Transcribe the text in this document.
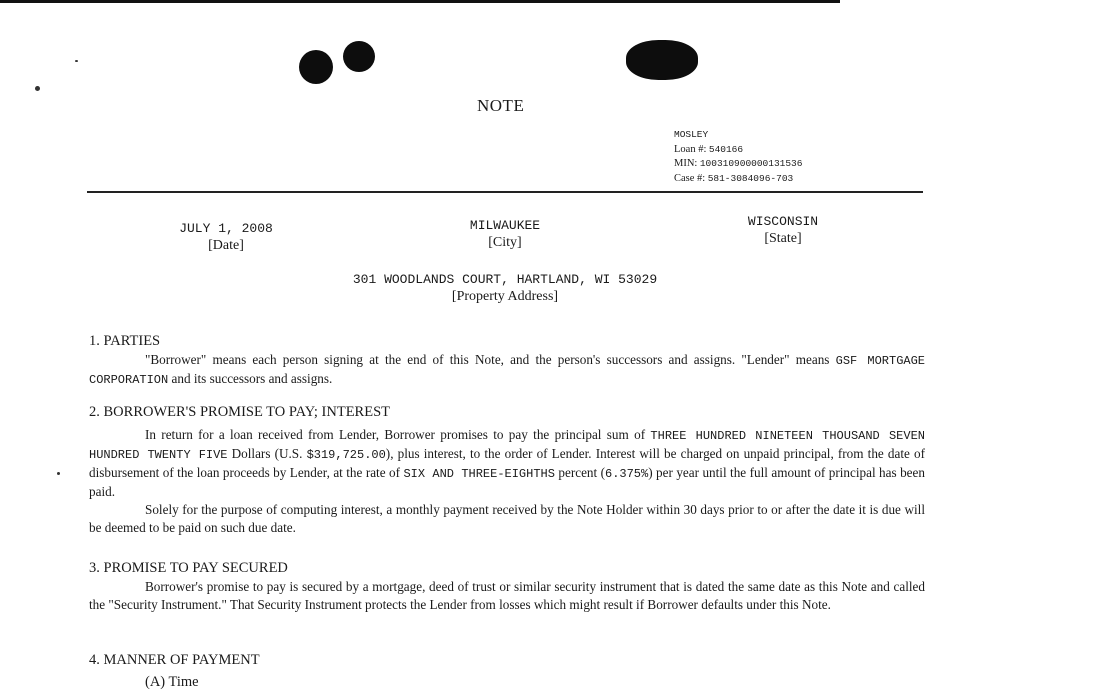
NOTE
MOSLEY
Loan #: 540166
MIN: 100310900000131536
Case #: 581-3084096-703
JULY 1, 2008
[Date]
MILWAUKEE
[City]
WISCONSIN
[State]
301 WOODLANDS COURT, HARTLAND, WI 53029
[Property Address]
1. PARTIES

"Borrower" means each person signing at the end of this Note, and the person's successors and assigns. "Lender" means GSF MORTGAGE CORPORATION and its successors and assigns.

2. BORROWER'S PROMISE TO PAY; INTEREST

In return for a loan received from Lender, Borrower promises to pay the principal sum of THREE HUNDRED NINETEEN THOUSAND SEVEN HUNDRED TWENTY FIVE Dollars (U.S. $319,725.00), plus interest, to the order of Lender. Interest will be charged on unpaid principal, from the date of disbursement of the loan proceeds by Lender, at the rate of SIX AND THREE-EIGHTHS percent (6.375%) per year until the full amount of principal has been paid.

Solely for the purpose of computing interest, a monthly payment received by the Note Holder within 30 days prior to or after the date it is due will be deemed to be paid on such due date.

3. PROMISE TO PAY SECURED

Borrower's promise to pay is secured by a mortgage, deed of trust or similar security instrument that is dated the same date as this Note and called the "Security Instrument." That Security Instrument protects the Lender from losses which might result if Borrower defaults under this Note.

4. MANNER OF PAYMENT
(A) Time
